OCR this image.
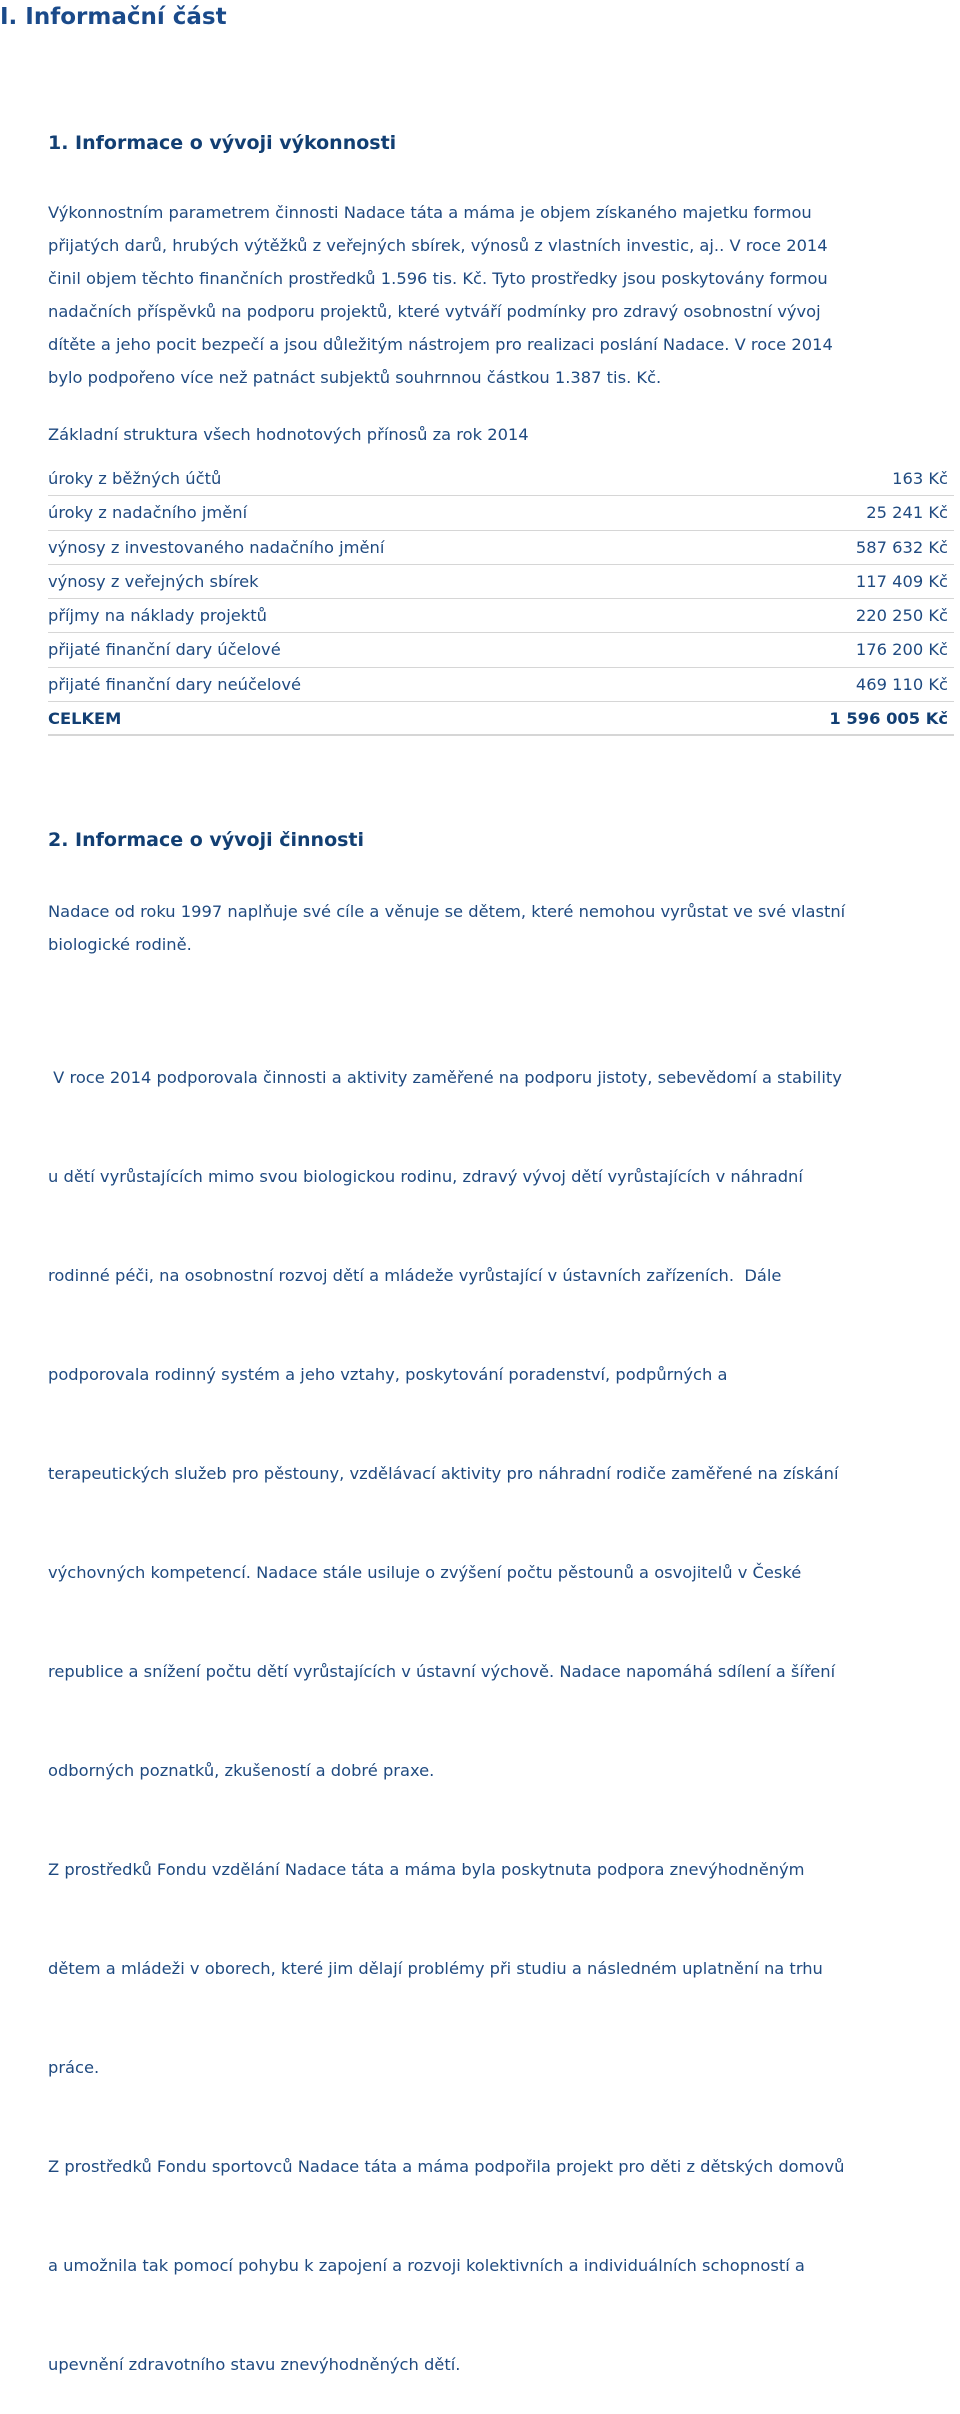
I. Informační část
1. Informace o vývoji výkonnosti
Výkonnostním parametrem činnosti Nadace táta a máma je objem získaného majetku formou
přijatých darů, hrubých výtěžků z veřejných sbírek, výnosů z vlastních investic, aj.. V roce 2014
činil objem těchto finančních prostředků 1.596 tis. Kč. Tyto prostředky jsou poskytovány formou
nadačních příspěvků na podporu projektů, které vytváří podmínky pro zdravý osobnostní vývoj
dítěte a jeho pocit bezpečí a jsou důležitým nástrojem pro realizaci poslání Nadace. V roce 2014
bylo podpořeno více než patnáct subjektů souhrnnou částkou 1.387 tis. Kč.
Základní struktura všech hodnotových přínosů za rok 2014
úroky z běžných účtů	163 Kč
úroky z nadačního jmění	25 241 Kč
výnosy z investovaného nadačního jmění	587 632 Kč
výnosy z veřejných sbírek	117 409 Kč
příjmy na náklady projektů	220 250 Kč
přijaté finanční dary účelové	176 200 Kč
přijaté finanční dary neúčelové	469 110 Kč
CELKEM	1 596 005 Kč
2. Informace o vývoji činnosti
Nadace od roku 1997 naplňuje své cíle a věnuje se dětem, které nemohou vyrůstat ve své vlastní
biologické rodině.

V roce 2014 podporovala činnosti a aktivity zaměřené na podporu jistoty, sebevědomí a stability

u dětí vyrůstajících mimo svou biologickou rodinu, zdravý vývoj dětí vyrůstajících v náhradní

rodinné péči, na osobnostní rozvoj dětí a mládeže vyrůstající v ústavních zařízeních.  Dále

podporovala rodinný systém a jeho vztahy, poskytování poradenství, podpůrných a

terapeutických služeb pro pěstouny, vzdělávací aktivity pro náhradní rodiče zaměřené na získání

výchovných kompetencí. Nadace stále usiluje o zvýšení počtu pěstounů a osvojitelů v České

republice a snížení počtu dětí vyrůstajících v ústavní výchově. Nadace napomáhá sdílení a šíření

odborných poznatků, zkušeností a dobré praxe.

Z prostředků Fondu vzdělání Nadace táta a máma byla poskytnuta podpora znevýhodněným

dětem a mládeži v oborech, které jim dělají problémy při studiu a následném uplatnění na trhu

práce.

Z prostředků Fondu sportovců Nadace táta a máma podpořila projekt pro děti z dětských domovů

a umožnila tak pomocí pohybu k zapojení a rozvoji kolektivních a individuálních schopností a

upevnění zdravotního stavu znevýhodněných dětí.
